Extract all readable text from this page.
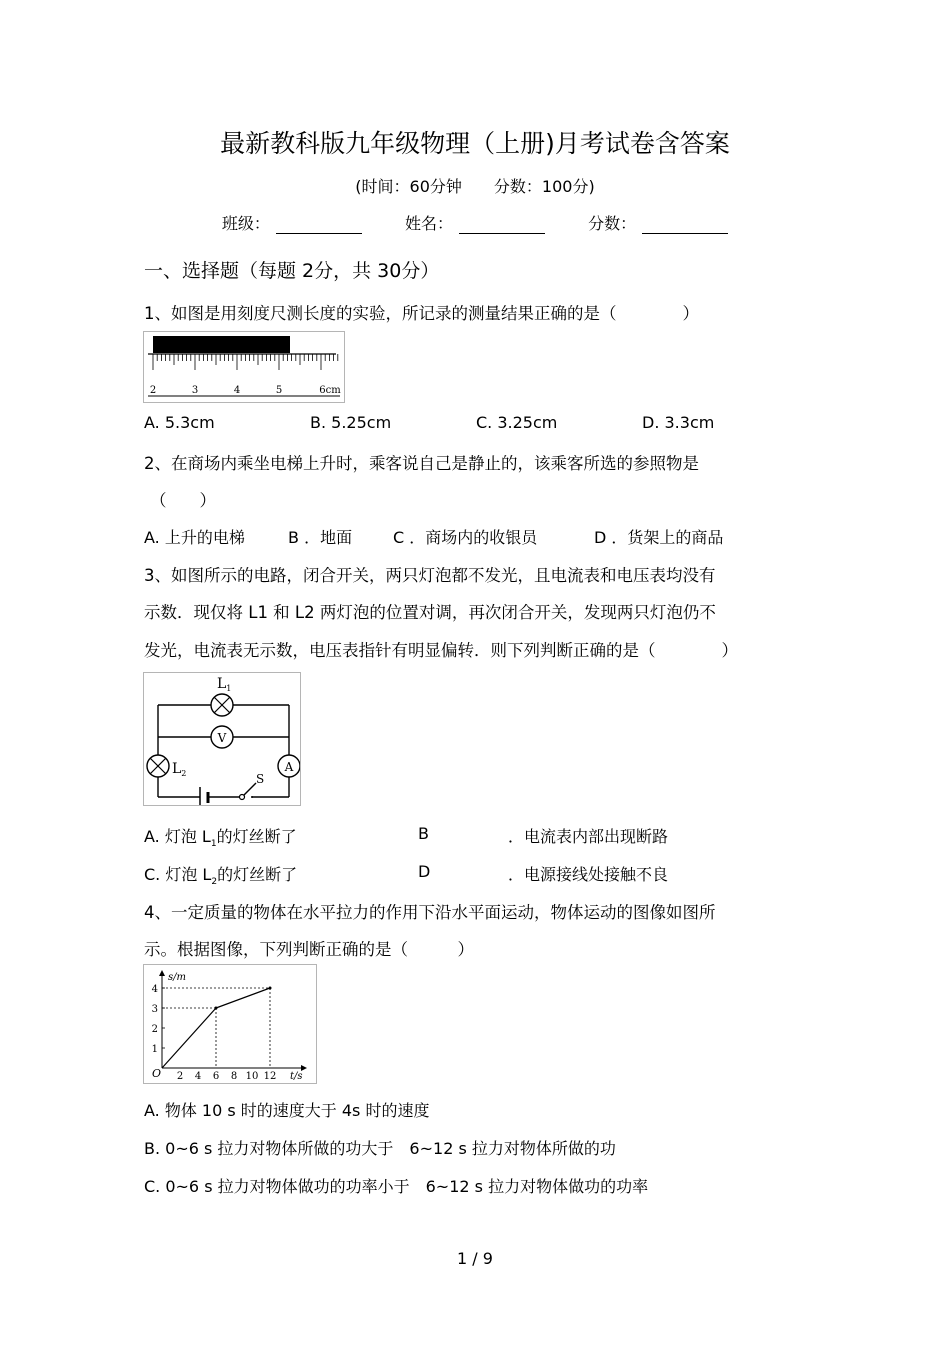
最新教科版九年级物理（上册)月考试卷含答案
(时间：60分钟　　分数：100分)
班级：	姓名：	分数：
一、选择题（每题 2分，共 30分）
1、如图是用刻度尺测长度的实验，所记录的测量结果正确的是（　　　　）
2	3	4	5	6cm
A. 5.3cm	B. 5.25cm	C. 3.25cm	D. 3.3cm
2、在商场内乘坐电梯上升时，乘客说自己是静止的，该乘客所选的参照物是
（　　）
A. 上升的电梯	B ．地面	C ．商场内的收银员	D ．货架上的商品
3、如图所示的电路，闭合开关，两只灯泡都不发光，且电流表和电压表均没有
示数．现仅将 L1 和 L2 两灯泡的位置对调，再次闭合开关，发现两只灯泡仍不
发光，电流表无示数，电压表指针有明显偏转．则下列判断正确的是（　　　　）
$L_1$
V
$L_2$	A
S
A. 灯泡 $L_1$的灯丝断了	B	．电流表内部出现断路
C. 灯泡 $L_2$的灯丝断了	D	．电源接线处接触不良
4、一定质量的物体在水平拉力的作用下沿水平面运动，物体运动的图像如图所
示。根据图像，下列判断正确的是（　　　）
s/m
t/s
O 2 4 6 8 10 12
1
2
3
4
A. 物体 10 s 时的速度大于 4s 时的速度
B. 0~6 s 拉力对物体所做的功大于　6~12 s 拉力对物体所做的功
C. 0~6 s 拉力对物体做功的功率小于　6~12 s 拉力对物体做功的功率
1 / 9
